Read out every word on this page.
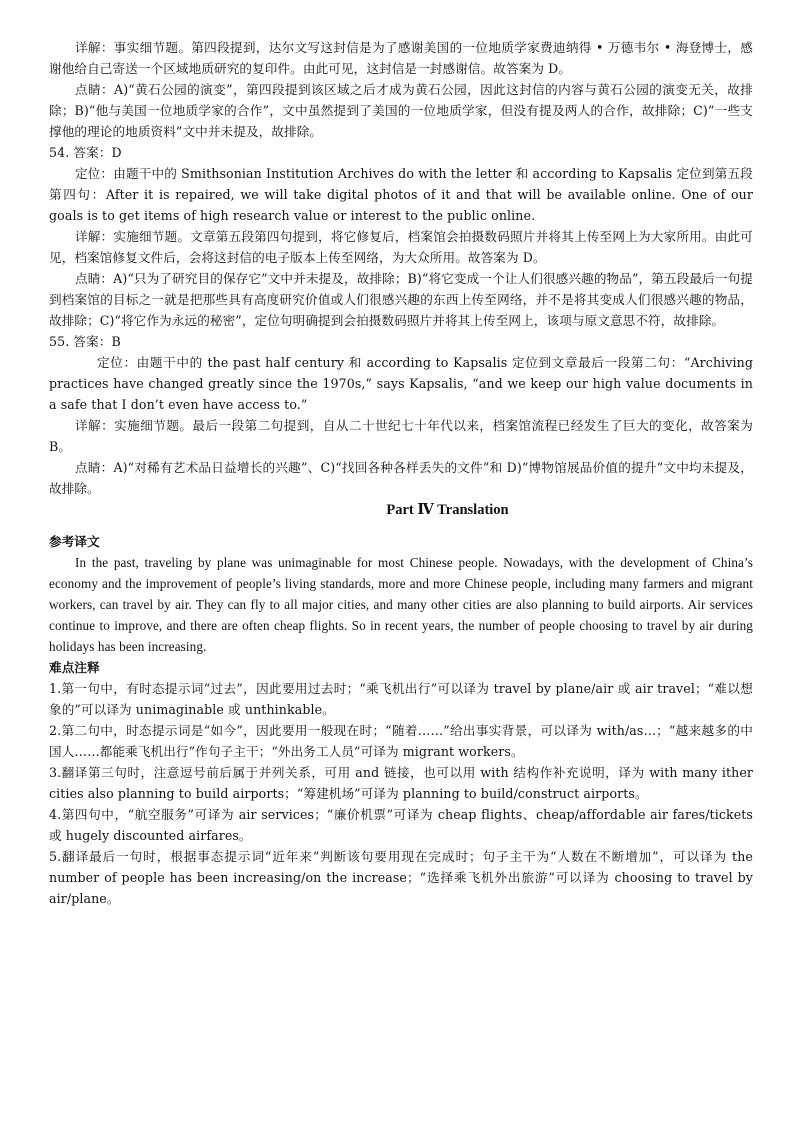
详解：事实细节题。第四段提到，达尔文写这封信是为了感谢美国的一位地质学家费迪纳得 • 万德韦尔 • 海登博士，感谢他给自己寄送一个区域地质研究的复印件。由此可见，这封信是一封感谢信。故答案为 D。

点睛：A)“黄石公园的演变”，第四段提到该区域之后才成为黄石公园，因此这封信的内容与黄石公园的演变无关，故排除；B)“他与美国一位地质学家的合作”，文中虽然提到了美国的一位地质学家，但没有提及两人的合作，故排除；C)“一些支撑他的理论的地质资料”文中并未提及，故排除。

54. 答案：D

定位：由题干中的 Smithsonian Institution Archives do with the letter 和 according to Kapsalis 定位到第五段第四句：After it is repaired, we will take digital photos of it and that will be available online. One of our goals is to get items of high research value or interest to the public online.

详解：实施细节题。文章第五段第四句提到，将它修复后，档案馆会拍摄数码照片并将其上传至网上为大家所用。由此可见，档案馆修复文件后，会将这封信的电子版本上传至网络，为大众所用。故答案为 D。

点睛：A)“只为了研究目的保存它”文中并未提及，故排除；B)“将它变成一个让人们很感兴趣的物品”，第五段最后一句提到档案馆的目标之一就是把那些具有高度研究价值或人们很感兴趣的东西上传至网络，并不是将其变成人们很感兴趣的物品，故排除；C)“将它作为永远的秘密”，定位句明确提到会拍摄数码照片并将其上传至网上，该项与原文意思不符，故排除。

55. 答案：B

定位：由题干中的 the past half century 和 according to Kapsalis 定位到文章最后一段第二句：“Archiving practices have changed greatly since the 1970s,” says Kapsalis, “and we keep our high value documents in a safe that I don’t even have access to.”

详解：实施细节题。最后一段第二句提到，自从二十世纪七十年代以来，档案馆流程已经发生了巨大的变化，故答案为 B。

点睛：A)“对稀有艺术品日益增长的兴趣”、C)“找回各种各样丢失的文件”和 D)“博物馆展品价值的提升”文中均未提及，故排除。

Part Ⅳ Translation

参考译文

In the past, traveling by plane was unimaginable for most Chinese people. Nowadays, with the development of China’s economy and the improvement of people’s living standards, more and more Chinese people, including many farmers and migrant workers, can travel by air. They can fly to all major cities, and many other cities are also planning to build airports. Air services continue to improve, and there are often cheap flights. So in recent years, the number of people choosing to travel by air during holidays has been increasing.

难点注释

1.第一句中，有时态提示词“过去”，因此要用过去时；“乘飞机出行”可以译为 travel by plane/air 或 air travel；“难以想象的”可以译为 unimaginable 或 unthinkable。

2.第二句中，时态提示词是“如今”，因此要用一般现在时；“随着……”给出事实背景，可以译为 with/as…；“越来越多的中国人……都能乘飞机出行”作句子主干；“外出务工人员”可译为 migrant workers。

3.翻译第三句时，注意逗号前后属于并列关系，可用 and 链接，也可以用 with 结构作补充说明，译为 with many ither cities also planning to build airports；“筹建机场”可译为 planning to build/construct airports。

4.第四句中，“航空服务”可译为 air services；“廉价机票”可译为 cheap flights、cheap/affordable air fares/tickets 或 hugely discounted airfares。

5.翻译最后一句时，根据事态提示词“近年来”判断该句要用现在完成时；句子主干为“人数在不断增加”，可以译为 the number of people has been increasing/on the increase；“选择乘飞机外出旅游”可以译为 choosing to travel by air/plane。
